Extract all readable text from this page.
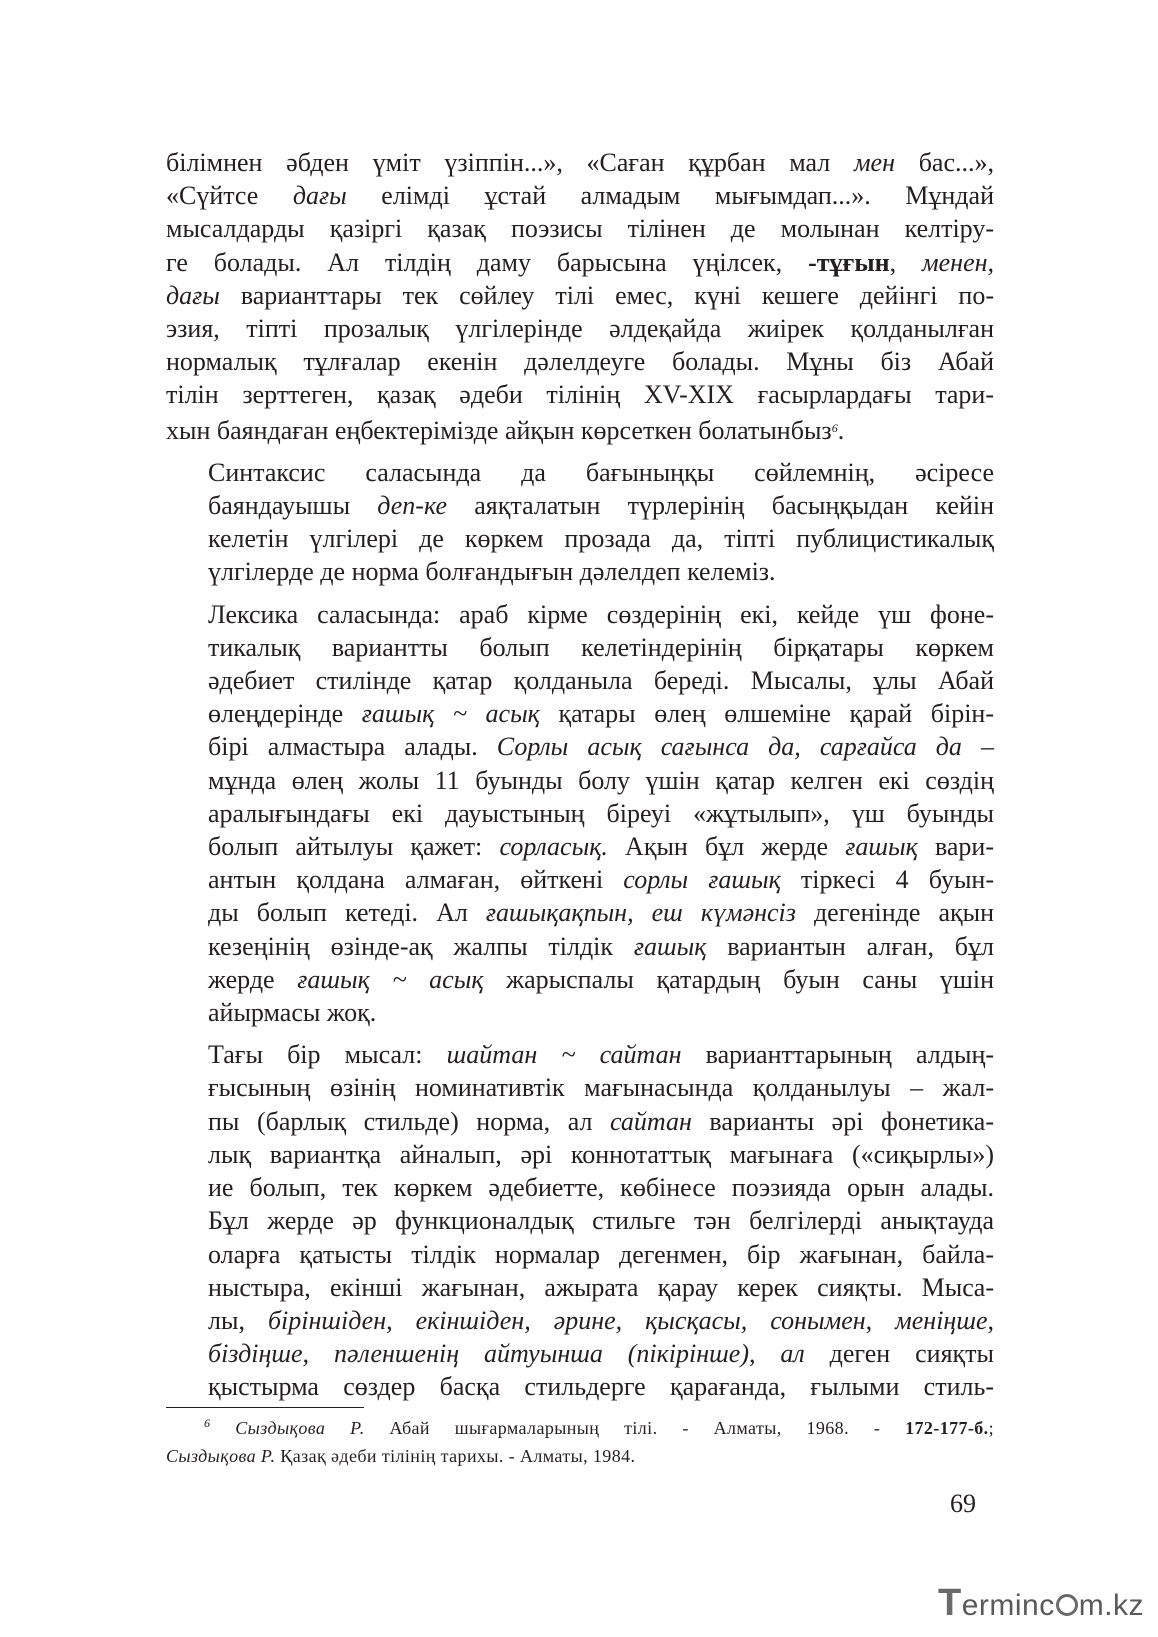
білімнен әбден үміт үзіппін...», «Саған құрбан мал мен бас...»,
«Сүйтсе дағы елімді ұстай алмадым мығымдап...». Мұндай
мысалдарды қазіргі қазақ поэзисы тілінен де молынан келтіру-
ге болады. Ал тілдің даму барысына үңілсек, -тұғын, менен,
дағы варианттары тек сөйлеу тілі емес, күні кешеге дейінгі по-
эзия, тіпті прозалық үлгілерінде әлдеқайда жиірек қолданылған
нормалық тұлғалар екенін дәлелдеуге болады. Мұны біз Абай
тілін зерттеген, қазақ әдеби тілінің XV-XIX ғасырлардағы тари-
хын баяндаған еңбектерімізде айқын көрсеткен болатынбыз$^6$.

Синтаксис саласында да бағыныңқы сөйлемнің, әсіресе
баяндауышы деп-ке аяқталатын түрлерінің басыңқыдан кейін
келетін үлгілері де көркем прозада да, тіпті публицистикалық
үлгілерде де норма болғандығын дәлелдеп келеміз.

Лексика саласында: араб кірме сөздерінің екі, кейде үш фоне-
тикалық вариантты болып келетіндерінің бірқатары көркем
әдебиет стилінде қатар қолданыла береді. Мысалы, ұлы Абай
өлеңдерінде ғашық ~ асық қатары өлең өлшеміне қарай бірін-
бірі алмастыра алады. Сорлы асық сағынса да, сарғайса да –
мұнда өлең жолы 11 буынды болу үшін қатар келген екі сөздің
аралығындағы екі дауыстының біреуі «жұтылып», үш буынды
болып айтылуы қажет: сорласық. Ақын бұл жерде ғашық вари-
антын қолдана алмаған, өйткені сорлы ғашық тіркесі 4 буын-
ды болып кетеді. Ал ғашықақпын, еш күмәнсіз дегенінде ақын
кезеңінің өзінде-ақ жалпы тілдік ғашық вариантын алған, бұл
жерде ғашық ~ асық жарыспалы қатардың буын саны үшін
айырмасы жоқ.

Тағы бір мысал: шайтан ~ сайтан варианттарының алдың-
ғысының өзінің номинативтік мағынасында қолданылуы – жал-
пы (барлық стильде) норма, ал сайтан варианты әрі фонетика-
лық вариантқа айналып, әрі коннотаттық мағынаға («сиқырлы»)
ие болып, тек көркем әдебиетте, көбінесе поэзияда орын алады.
Бұл жерде әр функционалдық стильге тән белгілерді анықтауда
оларға қатысты тілдік нормалар дегенмен, бір жағынан, байла-
ныстыра, екінші жағынан, ажырата қарау керек сияқты. Мысa-
лы, біріншіден, екіншіден, әрине, қысқасы, сонымен, меніңше,
біздіңше, пәленшенің айтуынша (пікірінше), ал деген сияқты
қыстырма сөздер басқа стильдерге қарағанда, ғылыми стиль-

$^6$ Сыздықова Р. Абай шығармаларының тілі. - Алматы, 1968. - 172-177-б.;
Сыздықова Р. Қазақ әдеби тілінің тарихы. - Алматы, 1984.
69
Terminc m.kz
